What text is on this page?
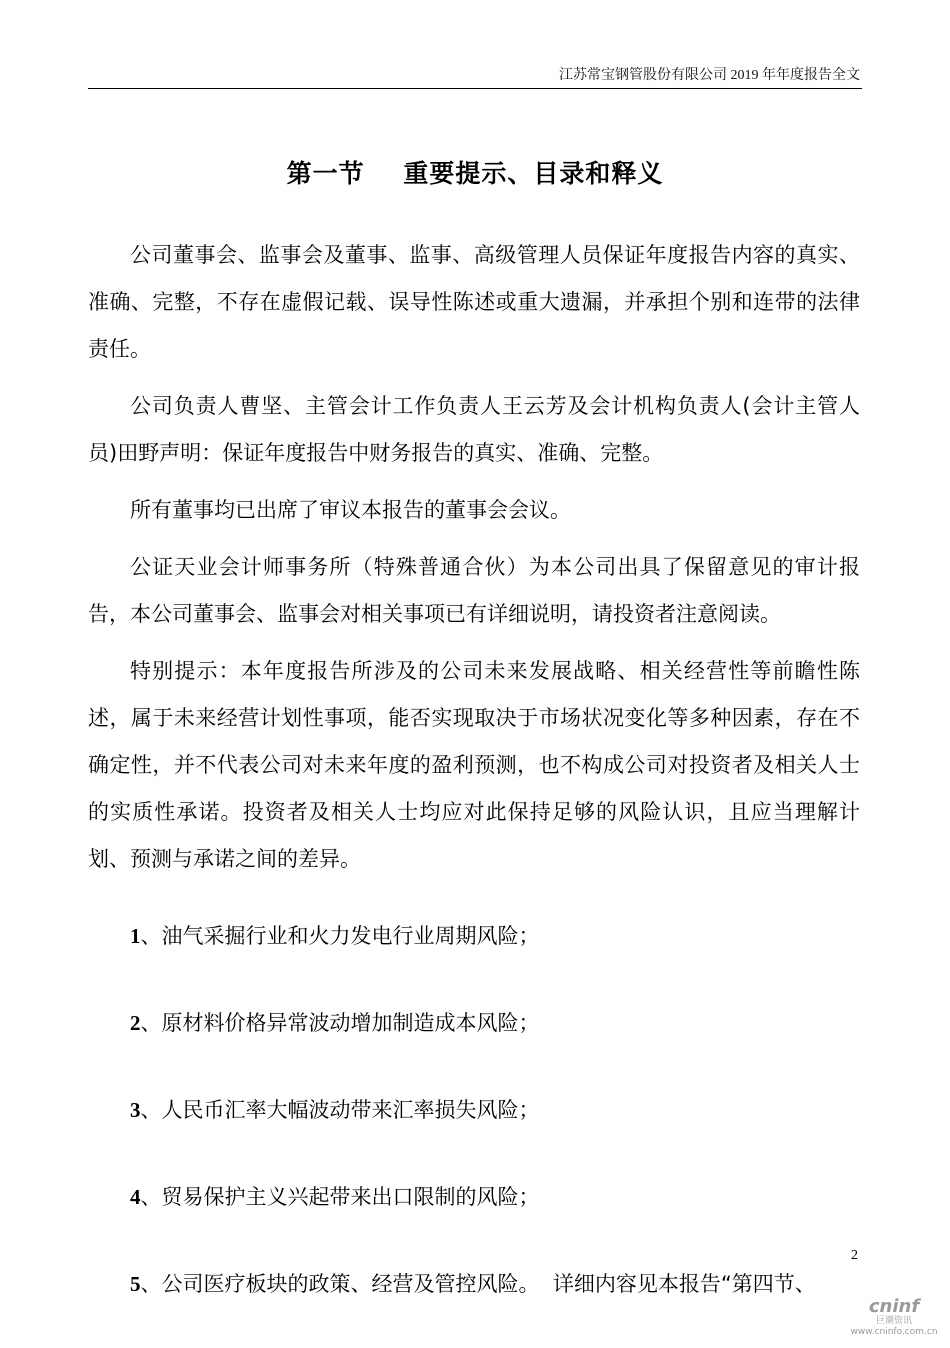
江苏常宝钢管股份有限公司 2019 年年度报告全文
第一节    重要提示、目录和释义

公司董事会、监事会及董事、监事、高级管理人员保证年度报告内容的真实、准确、完整，不存在虚假记载、误导性陈述或重大遗漏，并承担个别和连带的法律责任。

公司负责人曹坚、主管会计工作负责人王云芳及会计机构负责人(会计主管人员)田野声明：保证年度报告中财务报告的真实、准确、完整。

所有董事均已出席了审议本报告的董事会会议。

公证天业会计师事务所（特殊普通合伙）为本公司出具了保留意见的审计报告，本公司董事会、监事会对相关事项已有详细说明，请投资者注意阅读。

特别提示：本年度报告所涉及的公司未来发展战略、相关经营性等前瞻性陈述，属于未来经营计划性事项，能否实现取决于市场状况变化等多种因素，存在不确定性，并不代表公司对未来年度的盈利预测，也不构成公司对投资者及相关人士的实质性承诺。投资者及相关人士均应对此保持足够的风险认识，且应当理解计划、预测与承诺之间的差异。

1、油气采掘行业和火力发电行业周期风险；

2、原材料价格异常波动增加制造成本风险；

3、人民币汇率大幅波动带来汇率损失风险；

4、贸易保护主义兴起带来出口限制的风险；

5、公司医疗板块的政策、经营及管控风险。  详细内容见本报告“第四节、

2
cninf
巨潮资讯
www.cninfo.com.cn
